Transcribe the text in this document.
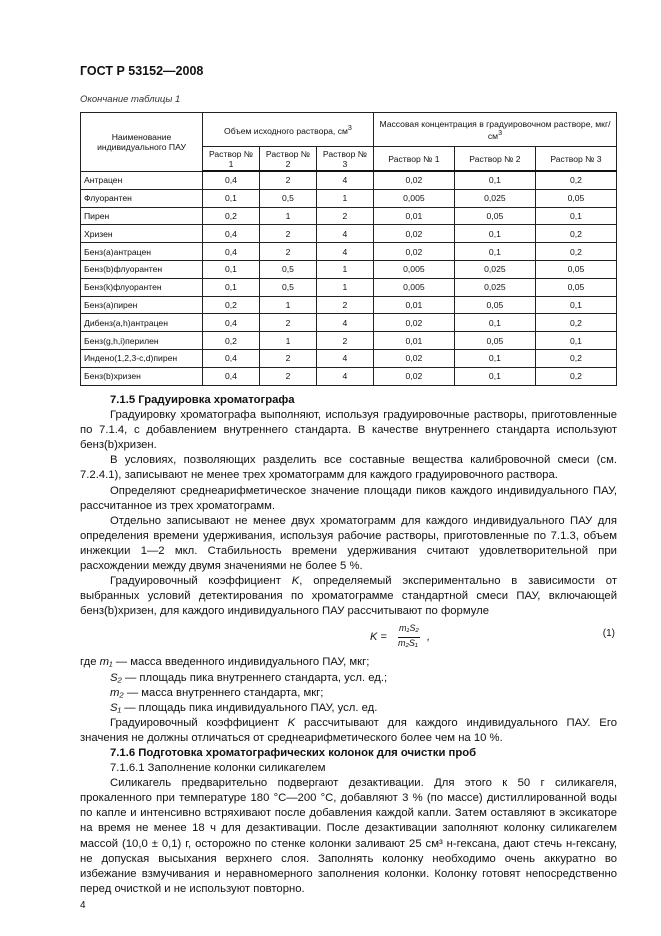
ГОСТ Р 53152—2008
Окончание таблицы 1
Наименование индивидуального ПАУ	Объем исходного раствора, $см^3$			Массовая концентрация в градуировочном растворе, мкг/$см^3$
	Раствор № 1	Раствор № 2	Раствор № 3	Раствор № 1	Раствор № 2	Раствор № 3
Антрацен	0,4	2	4	0,02	0,1	0,2
Флуорантен	0,1	0,5	1	0,005	0,025	0,05
Пирен	0,2	1	2	0,01	0,05	0,1
Хризен	0,4	2	4	0,02	0,1	0,2
Бенз(а)антрацен	0,4	2	4	0,02	0,1	0,2
Бенз(b)флуорантен	0,1	0,5	1	0,005	0,025	0,05
Бенз(k)флуорантен	0,1	0,5	1	0,005	0,025	0,05
Бенз(а)пирен	0,2	1	2	0,01	0,05	0,1
Дибенз(а,h)антрацен	0,4	2	4	0,02	0,1	0,2
Бенз(g,h,i)перилен	0,2	1	2	0,01	0,05	0,1
Индено(1,2,3-c,d)пирен	0,4	2	4	0,02	0,1	0,2
Бенз(b)хризен	0,4	2	4	0,02	0,1	0,2

7.1.5 Градуировка хроматографа

Градуировку хроматографа выполняют, используя градуировочные растворы, приготовленные по 7.1.4, с добавлением внутреннего стандарта. В качестве внутреннего стандарта используют бенз(b)хризен.

В условиях, позволяющих разделить все составные вещества калибровочной смеси (см. 7.2.4.1), записывают не менее трех хроматограмм для каждого градуировочного раствора.

Определяют среднеарифметическое значение площади пиков каждого индивидуального ПАУ, рассчитанное из трех хроматограмм.

Отдельно записывают не менее двух хроматограмм для каждого индивидуального ПАУ для определения времени удерживания, используя рабочие растворы, приготовленные по 7.1.3, объем инжекции 1—2 мкл. Стабильность времени удерживания считают удовлетворительной при расхождении между двумя значениями не более 5 %.

Градуировочный коэффициент K, определяемый экспериментально в зависимости от выбранных условий детектирования по хроматограмме стандартной смеси ПАУ, включающей бенз(b)хризен, для каждого индивидуального ПАУ рассчитывают по формуле

K =
m₁S₂
m₂S₁ ,	(1)

где m₁ — масса введенного индивидуального ПАУ, мкг;

S₂ — площадь пика внутреннего стандарта, усл. ед.;

m₂ — масса внутреннего стандарта, мкг;

S₁ — площадь пика индивидуального ПАУ, усл. ед.

Градуировочный коэффициент K рассчитывают для каждого индивидуального ПАУ. Его значения не должны отличаться от среднеарифметического более чем на 10 %.

7.1.6 Подготовка хроматографических колонок для очистки проб

7.1.6.1 Заполнение колонки силикагелем

Силикагель предварительно подвергают дезактивации. Для этого к 50 г силикагеля, прокаленного при температуре 180 °С—200 °С, добавляют 3 % (по массе) дистиллированной воды по капле и интенсивно встряхивают после добавления каждой капли. Затем оставляют в эксикаторе на время не менее 18 ч для дезактивации. После дезактивации заполняют колонку силикагелем массой (10,0 ± 0,1) г, осторожно по стенке колонки заливают 25 см³ н-гексана, дают стечь н-гексану, не допуская высыхания верхнего слоя. Заполнять колонку необходимо очень аккуратно во избежание взмучивания и неравномерного заполнения колонки. Колонку готовят непосредственно перед очисткой и не используют повторно.

4
